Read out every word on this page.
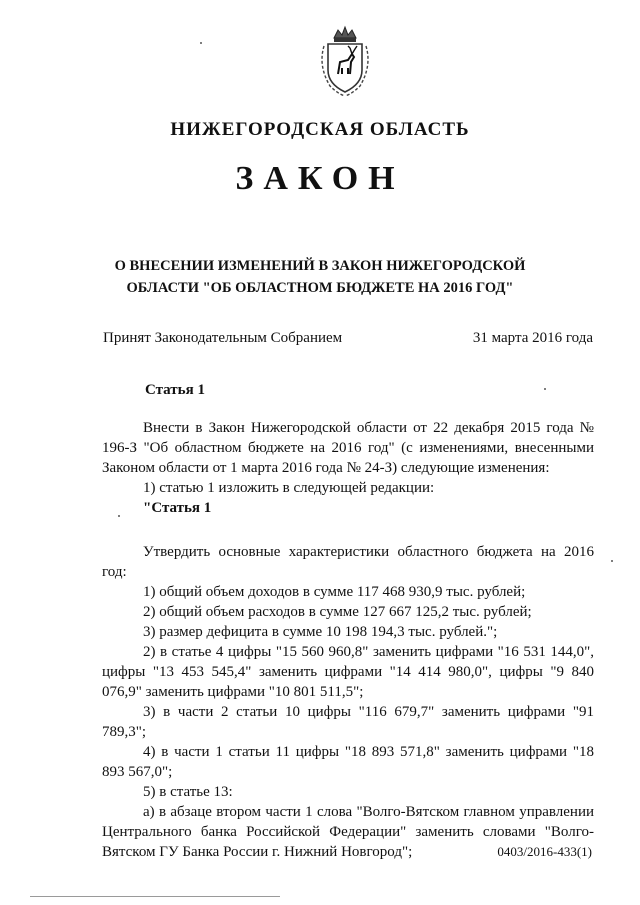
НИЖЕГОРОДСКАЯ ОБЛАСТЬ
ЗАКОН
О ВНЕСЕНИИ ИЗМЕНЕНИЙ В ЗАКОН НИЖЕГОРОДСКОЙ
ОБЛАСТИ "ОБ ОБЛАСТНОМ БЮДЖЕТЕ НА 2016 ГОД"
Принят Законодательным Собранием	31 марта 2016 года
Статья 1

Внести в Закон Нижегородской области от 22 декабря 2015 года № 196-З "Об областном бюджете на 2016 год" (с изменениями, внесенными Законом области от 1 марта 2016 года № 24-З) следующие изменения:

1) статью 1 изложить в следующей редакции:

"Статья 1

Утвердить основные характеристики областного бюджета на 2016 год:

1) общий объем доходов в сумме 117 468 930,9 тыс. рублей;

2) общий объем расходов в сумме 127 667 125,2 тыс. рублей;

3) размер дефицита в сумме 10 198 194,3 тыс. рублей.";

2) в статье 4 цифры "15 560 960,8" заменить цифрами "16 531 144,0", цифры "13 453 545,4" заменить цифрами "14 414 980,0", цифры "9 840 076,9" заменить цифрами "10 801 511,5";

3) в части 2 статьи 10 цифры "116 679,7" заменить цифрами "91 789,3";

4) в части 1 статьи 11 цифры "18 893 571,8" заменить цифрами "18 893 567,0";

5) в статье 13:

а) в абзаце втором части 1 слова "Волго-Вятском главном управлении Центрального банка Российской Федерации" заменить словами "Волго-Вятском ГУ Банка России г. Нижний Новгород";	0403/2016-433(1)
